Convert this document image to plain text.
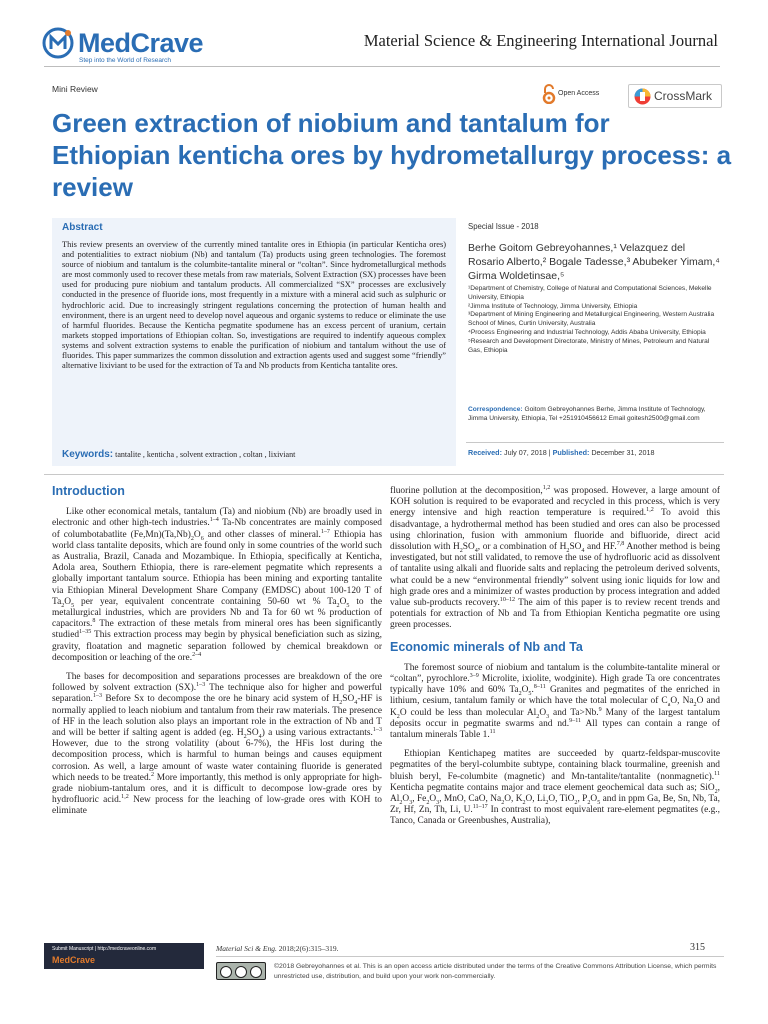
MedCrave
Step into the World of Research
Material Science & Engineering International Journal
Mini Review	Open Access	CrossMark
Green extraction of niobium and tantalum for Ethiopian kenticha ores by hydrometallurgy process: a review
Abstract
This review presents an overview of the currently mined tantalite ores in Ethiopia (in particular Kenticha ores) and potentialities to extract niobium (Nb) and tantalum (Ta) products using green technologies. The foremost source of niobium and tantalum is the columbite-tantalite mineral or “coltan”. Since hydrometallurgical methods are most commonly used to recover these metals from raw materials, Solvent Extraction (SX) processes have been used for producing pure niobium and tantalum products. All commercialized “SX” processes are exclusively conducted in the presence of fluoride ions, most frequently in a mixture with a mineral acid such as sulphuric or hydrochloric acid. Due to increasingly stringent regulations concerning the protection of human health and environment, there is an urgent need to develop novel aqueous and organic systems to reduce or eliminate the use of harmful fluorides. Because the Kenticha pegmatite spodumene has an excess percent of uranium, certain markets stopped importations of Ethiopian coltan. So, investigations are required to indentify aqueous complex systems and solvent extraction systems to enable the purification of niobium and tantalum without the use of fluorides. This paper summarizes the common dissolution and extraction agents used and suggest some “friendly” alternative lixiviant to be used for the extraction of Ta and Nb products from Kenticha tantalite ores.
Keywords: tantalite , kenticha , solvent extraction , coltan , lixiviant
Special Issue - 2018
Berhe Goitom Gebreyohannes,¹ Velazquez del Rosario Alberto,² Bogale Tadesse,³ Abubeker Yimam,⁴ Girma Woldetinsae,⁵
¹Department of Chemistry, College of Natural and Computational Sciences, Mekelle University, Ethiopia
²Jimma Institute of Technology, Jimma University, Ethiopia
³Department of Mining Engineering and Metallurgical Engineering, Western Australia School of Mines, Curtin University, Australia
⁴Process Engineering and Industrial Technology, Addis Ababa University, Ethiopia
⁵Research and Development Directorate, Ministry of Mines, Petroleum and Natural Gas, Ethiopia
Correspondence: Goitom Gebreyohannes Berhe, Jimma Institute of Technology, Jimma University, Ethiopia, Tel +251910456612 Email goitesh2500@gmail.com
Received: July 07, 2018 | Published: December 31, 2018
Introduction

Like other economical metals, tantalum (Ta) and niobium (Nb) are broadly used in electronic and other high-tech industries.$^{1-4}$ Ta-Nb concentrates are mainly composed of columbotabatlite $(Fe,Mn)(Ta,Nb)_2O_6$ and other classes of mineral.$^{1-7}$ Ethiopia has world class tantalite deposits, which are found only in some countries of the world such as Australia, Brazil, Canada and Mozambique. In Ethiopia, specifically at Kenticha, Adola area, Southern Ethiopia, there is rare-element pegmatite which represents a globally important tantalum source. Ethiopia has been mining and exporting tantalite via Ethiopian Mineral Development Share Company (EMDSC) about 100-120 T of $Ta_2O_5$ per year, equivalent concentrate containing 50-60 wt % $Ta_2O_5$ to the metallurgical industries, which are providers Nb and Ta for 60 wt % production of capacitors.$^8$ The extraction of these metals from mineral ores has been significantly studied$^{1-35}$ This extraction process may begin by physical beneficiation such as sizing, gravity, floatation and magnetic separation followed by chemical breakdown or decomposition or leaching of the ore.$^{2-4}$

The bases for decomposition and separations processes are breakdown of the ore followed by solvent extraction (SX).$^{1-3}$ The technique also for higher and powerful separation.$^{1-3}$ Before Sx to decompose the ore he binary acid system of $H_2SO_4-HF$ is normally applied to leach niobium and tantalum from their raw materials. The presence of HF in the leach solution also plays an important role in the extraction of Nb and T and will be better if salting agent is added (eg. $H_2SO_4$) a using various extractants.$^{1-3}$ However, due to the strong volatility (about 6-7%), the HFis lost during the decomposition process, which is harmful to human beings and causes equipment corrosion. As well, a large amount of waste water containing fluoride is generated which needs to be treated.$^2$ More importantly, this method is only appropriate for high-grade niobium-tantalum ores, and it is difficult to decompose low-grade ores by hydrofluoric acid.$^{1,2}$ New process for the leaching of low-grade ores with KOH to eliminate

fluorine pollution at the decomposition,$^{1,2}$ was proposed. However, a large amount of KOH solution is required to be evaporated and recycled in this process, which is very energy intensive and high reaction temperature is required.$^{1,2}$ To avoid this disadvantage, a hydrothermal method has been studied and ores can also be processed using chlorination, fusion with ammonium fluoride and bifluoride, direct acid dissolution with $H_2SO_4$, or a combination of $H_2SO_4$ and HF.$^{7,8}$ Another method is being investigated, but not still validated, to remove the use of hydrofluoric acid as dissolvent of tantalite using alkali and fluoride salts and replacing the petroleum derived solvents, what could be a new “environmental friendly” solvent using ionic liquids for low and high grade ores and a minimizer of wastes production by process integration and added value sub-products recovery.$^{10-12}$ The aim of this paper is to review recent trends and potentials for extraction of Nb and Ta from Ethiopian Kenticha pegmatite ore using green processes.

Economic minerals of Nb and Ta

The foremost source of niobium and tantalum is the columbite-tantalite mineral or “coltan”, pyrochlore.$^{3-9}$ Microlite, ixiolite, wodginite). High grade Ta ore concentrates typically have 10% and 60% $Ta_2O_5.^{8-11}$ Granites and pegmatites of the enriched in lithium, cesium, tantalum family or which have the total molecular of $C_aO$, $Na_2O$ and $K_2O$ could be less than molecular $Al_2O_3$ and Ta>Nb.$^9$ Many of the largest tantalum deposits occur in pegmatite swarms and nd.$^{9-11}$ All types can contain a range of tantalum minerals Table 1.11

Ethiopian Kentichapeg matites are succeeded by quartz-feldspar-muscovite pegmatites of the beryl-columbite subtype, containing black tourmaline, greenish and bluish beryl, Fe-columbite (magnetic) and Mn-tantalite/tantalite (nonmagnetic).$^{11}$ Kenticha pegmatite contains major and trace element geochemical data such as; SiO$_2$, $Al_2O_3$, $Fe_2O_3$, MnO, CaO, $Na_2O$, $K_2O$, $Li_2O$, TiO$_2$, $P_2O_5$ and in ppm Ga, Be, Sn, Nb, Ta, Zr, Hf, Zn, Th, Li, U.$^{11-17}$ In contrast to most equivalent rare-element pegmatites (e.g., Tanco, Canada or Greenbushes, Australia),

Submit Manuscript | http://medcraveonline.com
MedCrave
Material Sci & Eng. 2018;2(6):315‒319.	315
©2018 Gebreyohannes et al. This is an open access article distributed under the terms of the Creative Commons Attribution License, which permits unrestricted use, distribution, and build upon your work non-commercially.
